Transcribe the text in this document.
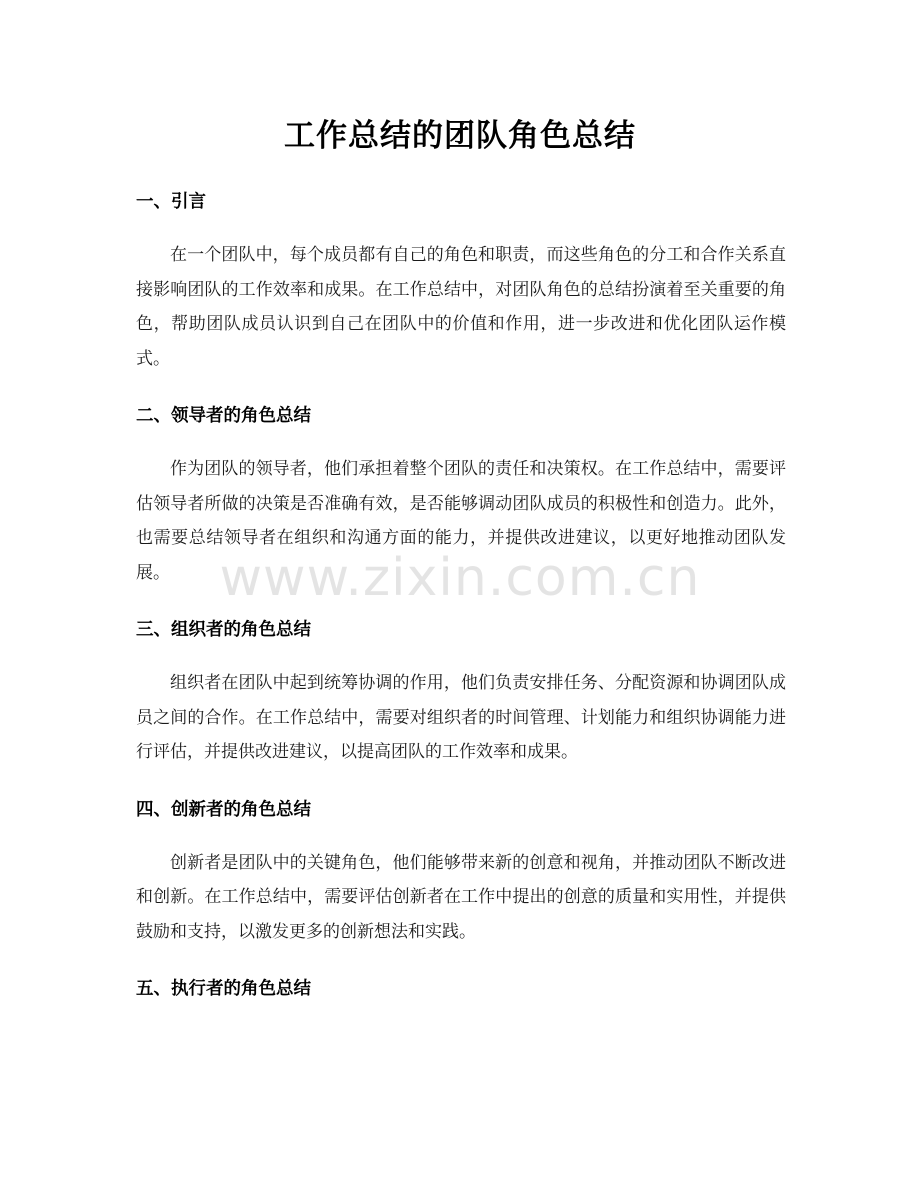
工作总结的团队角色总结
一、引言

在一个团队中，每个成员都有自己的角色和职责，而这些角色的分工和合作关系直接影响团队的工作效率和成果。在工作总结中，对团队角色的总结扮演着至关重要的角色，帮助团队成员认识到自己在团队中的价值和作用，进一步改进和优化团队运作模式。

二、领导者的角色总结

作为团队的领导者，他们承担着整个团队的责任和决策权。在工作总结中，需要评估领导者所做的决策是否准确有效，是否能够调动团队成员的积极性和创造力。此外，也需要总结领导者在组织和沟通方面的能力，并提供改进建议，以更好地推动团队发展。

三、组织者的角色总结

组织者在团队中起到统筹协调的作用，他们负责安排任务、分配资源和协调团队成员之间的合作。在工作总结中，需要对组织者的时间管理、计划能力和组织协调能力进行评估，并提供改进建议，以提高团队的工作效率和成果。

四、创新者的角色总结

创新者是团队中的关键角色，他们能够带来新的创意和视角，并推动团队不断改进和创新。在工作总结中，需要评估创新者在工作中提出的创意的质量和实用性，并提供鼓励和支持，以激发更多的创新想法和实践。

五、执行者的角色总结
www.zixin.com.cn
